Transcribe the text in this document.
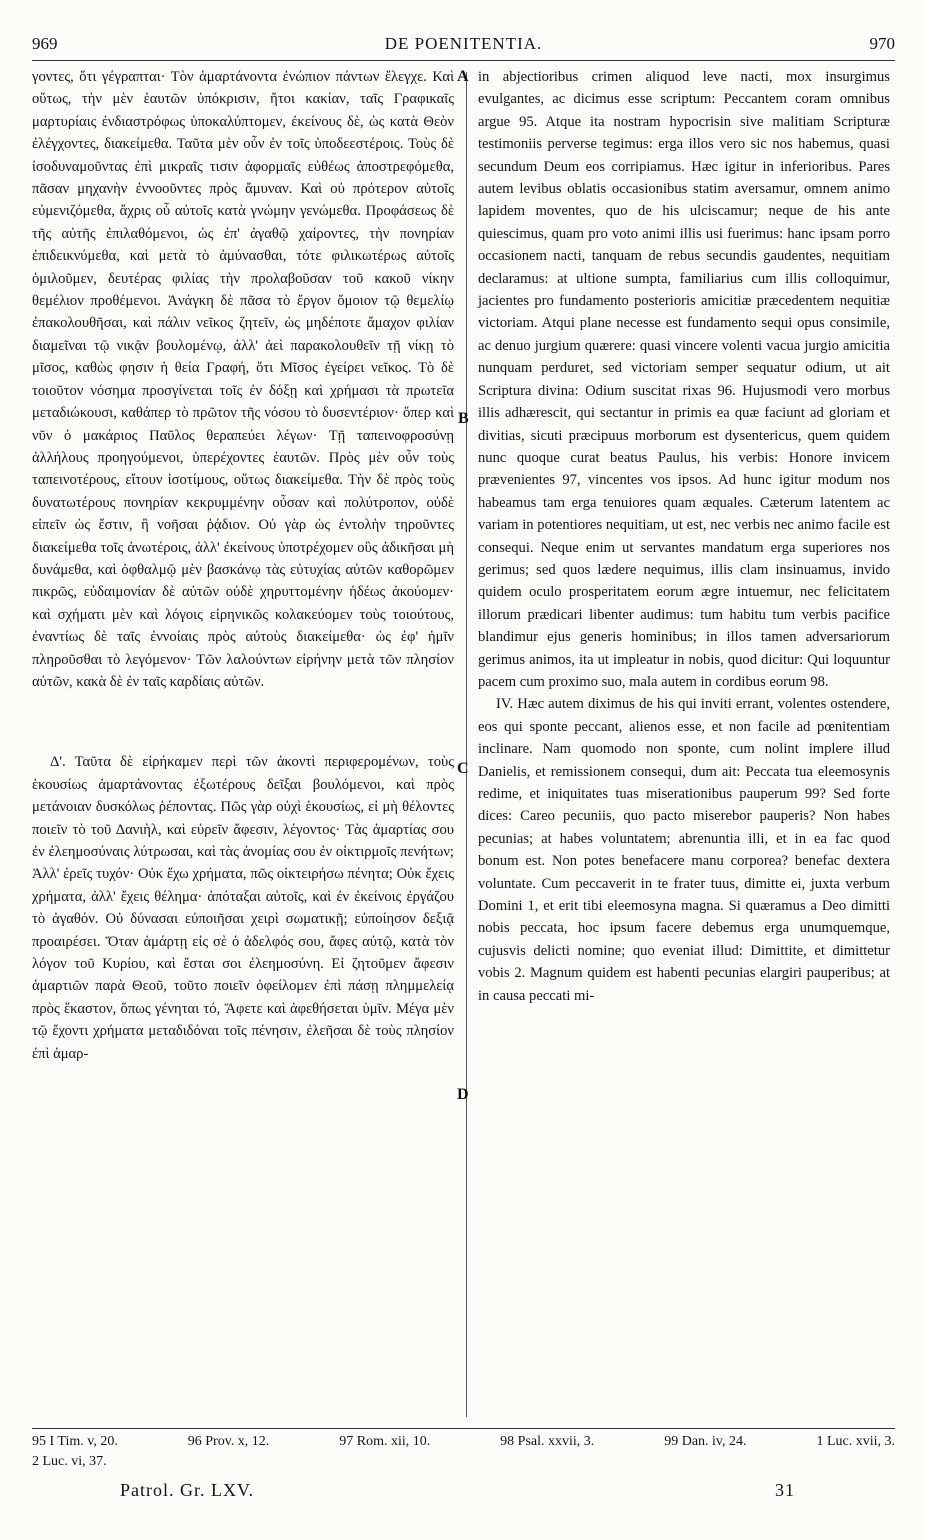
969	DE POENITENTIA.	970
A
B
C
D

γοντες, ὅτι γέγραπται· Τὸν ἁμαρτάνοντα ἐνώπιον πάντων ἔλεγχε. Καὶ οὕτως, τὴν μὲν ἑαυτῶν ὑπόκρισιν, ἤτοι κακίαν, ταῖς Γραφικαῖς μαρτυρίαις ἐνδιαστρόφως ὑποκαλύπτομεν, ἐκείνους δὲ, ὡς κατὰ Θεὸν ἐλέγχοντες, διακείμεθα. Ταῦτα μὲν οὖν ἐν τοῖς ὑποδεεστέροις. Τοὺς δὲ ἰσοδυναμοῦντας ἐπὶ μικραῖς τισιν ἀφορμαῖς εὐθέως ἀποστρεφόμεθα, πᾶσαν μηχανὴν ἐννοοῦντες πρὸς ἄμυναν. Καὶ οὐ πρότερον αὐτοῖς εὐμενιζόμεθα, ἄχρις οὗ αὐτοῖς κατὰ γνώμην γενώμεθα. Προφάσεως δὲ τῆς αὐτῆς ἐπιλαθόμενοι, ὡς ἐπ' ἀγαθῷ χαίροντες, τὴν πονηρίαν ἐπιδεικνύμεθα, καὶ μετὰ τὸ ἀμύνασθαι, τότε φιλικωτέρως αὐτοῖς ὁμιλοῦμεν, δευτέρας φιλίας τὴν προλαβοῦσαν τοῦ κακοῦ νίκην θεμέλιον προθέμενοι. Ἀνάγκη δὲ πᾶσα τὸ ἔργον ὅμοιον τῷ θεμελίῳ ἐπακολουθῆσαι, καὶ πάλιν νεῖκος ζητεῖν, ὡς μηδέποτε ἄμαχον φιλίαν διαμεῖναι τῷ νικᾷν βουλομένῳ, ἀλλ' ἀεὶ παρακολουθεῖν τῇ νίκῃ τὸ μῖσος, καθὼς φησιν ἡ θεία Γραφή, ὅτι Μῖσος ἐγείρει νεῖκος. Τὸ δὲ τοιοῦτον νόσημα προσγίνεται τοῖς ἐν δόξῃ καὶ χρήμασι τὰ πρωτεῖα μεταδιώκουσι, καθάπερ τὸ πρῶτον τῆς νόσου τὸ δυσεντέριον· ὅπερ καὶ νῦν ὁ μακάριος Παῦλος θεραπεύει λέγων· Τῇ ταπεινοφροσύνῃ ἀλλήλους προηγούμενοι, ὑπερέχοντες ἑαυτῶν. Πρὸς μὲν οὖν τοὺς ταπεινοτέρους, εἴτουν ἰσοτίμους, οὕτως διακείμεθα. Τὴν δὲ πρὸς τοὺς δυνατωτέρους πονηρίαν κεκρυμμένην οὖσαν καὶ πολύτροπον, οὐδὲ εἰπεῖν ὡς ἔστιν, ἢ νοῆσαι ῥᾴδιον. Οὐ γὰρ ὡς ἐντολὴν τηροῦντες διακείμεθα τοῖς ἀνωτέροις, ἀλλ' ἐκείνους ὑποτρέχομεν οὓς ἀδικῆσαι μὴ δυνάμεθα, καὶ ὀφθαλμῷ μὲν βασκάνῳ τὰς εὐτυχίας αὐτῶν καθορῶμεν πικρῶς, εὐδαιμονίαν δὲ αὐτῶν οὐδὲ χηρυττομένην ἡδέως ἀκούομεν· καὶ σχήματι μὲν καὶ λόγοις εἰρηνικῶς κολακεύομεν τοὺς τοιούτους, ἐναντίως δὲ ταῖς ἐννοίαις πρὸς αὐτοὺς διακείμεθα· ὡς ἐφ' ἡμῖν πληροῦσθαι τὸ λεγόμενον· Τῶν λαλούντων εἰρήνην μετὰ τῶν πλησίον αὐτῶν, κακὰ δὲ ἐν ταῖς καρδίαις αὐτῶν.

Δ'. Ταῦτα δὲ εἰρήκαμεν περὶ τῶν ἀκοντὶ περιφερομένων, τοὺς ἑκουσίως ἁμαρτάνοντας ἐξωτέρους δεῖξαι βουλόμενοι, καὶ πρὸς μετάνοιαν δυσκόλως ῥέποντας. Πῶς γὰρ οὐχὶ ἑκουσίως, εἰ μὴ θέλοντες ποιεῖν τὸ τοῦ Δανιὴλ, καὶ εὑρεῖν ἄφεσιν, λέγοντος· Τὰς ἁμαρτίας σου ἐν ἐλεημοσύναις λύτρωσαι, καὶ τὰς ἀνομίας σου ἐν οἰκτιρμοῖς πενήτων; Ἀλλ' ἐρεῖς τυχόν· Οὐκ ἔχω χρήματα, πῶς οἰκτειρήσω πένητα; Οὐκ ἔχεις χρήματα, ἀλλ' ἔχεις θέλημα· ἀπόταξαι αὐτοῖς, καὶ ἐν ἐκείνοις ἐργάζου τὸ ἀγαθόν. Οὐ δύνασαι εὐποιῆσαι χειρὶ σωματικῇ; εὐποίησον δεξιᾷ προαιρέσει. Ὅταν ἁμάρτῃ εἰς σὲ ὁ ἀδελφός σου, ἄφες αὐτῷ, κατὰ τὸν λόγον τοῦ Κυρίου, καὶ ἔσται σοι ἐλεημοσύνη. Εἰ ζητοῦμεν ἄφεσιν ἁμαρτιῶν παρὰ Θεοῦ, τοῦτο ποιεῖν ὀφείλομεν ἐπὶ πάσῃ πλημμελείᾳ πρὸς ἕκαστον, ὅπως γένηται τό, Ἄφετε καὶ ἀφεθήσεται ὑμῖν. Μέγα μὲν τῷ ἔχοντι χρήματα μεταδιδόναι τοῖς πένησιν, ἐλεῆσαι δὲ τοὺς πλησίον ἐπὶ ἁμαρ-

in abjectioribus crimen aliquod leve nacti, mox insurgimus evulgantes, ac dicimus esse scriptum: Peccantem coram omnibus argue 95. Atque ita nostram hypocrisin sive malitiam Scripturæ testimoniis perverse tegimus: erga illos vero sic nos habemus, quasi secundum Deum eos corripiamus. Hæc igitur in inferioribus. Pares autem levibus oblatis occasionibus statim aversamur, omnem animo lapidem moventes, quo de his ulciscamur; neque de his ante quiescimus, quam pro voto animi illis usi fuerimus: hanc ipsam porro occasionem nacti, tanquam de rebus secundis gaudentes, nequitiam declaramus: at ultione sumpta, familiarius cum illis colloquimur, jacientes pro fundamento posterioris amicitiæ præcedentem nequitiæ victoriam. Atqui plane necesse est fundamento sequi opus consimile, ac denuo jurgium quærere: quasi vincere volenti vacua jurgio amicitia nunquam perduret, sed victoriam semper sequatur odium, ut ait Scriptura divina: Odium suscitat rixas 96. Hujusmodi vero morbus illis adhærescit, qui sectantur in primis ea quæ faciunt ad gloriam et divitias, sicuti præcipuus morborum est dysentericus, quem quidem nunc quoque curat beatus Paulus, his verbis: Honore invicem prævenientes 97, vincentes vos ipsos. Ad hunc igitur modum nos habeamus tam erga tenuiores quam æquales. Cæterum latentem ac variam in potentiores nequitiam, ut est, nec verbis nec animo facile est consequi. Neque enim ut servantes mandatum erga superiores nos gerimus; sed quos lædere nequimus, illis clam insinuamus, invido quidem oculo prosperitatem eorum ægre intuemur, nec felicitatem illorum prædicari libenter audimus: tum habitu tum verbis pacifice blandimur ejus generis hominibus; in illos tamen adversariorum gerimus animos, ita ut impleatur in nobis, quod dicitur: Qui loquuntur pacem cum proximo suo, mala autem in cordibus eorum 98.

IV. Hæc autem diximus de his qui inviti errant, volentes ostendere, eos qui sponte peccant, alienos esse, et non facile ad pœnitentiam inclinare. Nam quomodo non sponte, cum nolint implere illud Danielis, et remissionem consequi, dum ait: Peccata tua eleemosynis redime, et iniquitates tuas miserationibus pauperum 99? Sed forte dices: Careo pecuniis, quo pacto miserebor pauperis? Non habes pecunias; at habes voluntatem; abrenuntia illi, et in ea fac quod bonum est. Non potes benefacere manu corporea? benefac dextera voluntate. Cum peccaverit in te frater tuus, dimitte ei, juxta verbum Domini 1, et erit tibi eleemosyna magna. Si quæramus a Deo dimitti nobis peccata, hoc ipsum facere debemus erga unumquemque, cujusvis delicti nomine; quo eveniat illud: Dimittite, et dimittetur vobis 2. Magnum quidem est habenti pecunias elargiri pauperibus; at in causa peccati mi-

95 I Tim. v, 20.	96 Prov. x, 12.	97 Rom. xii, 10.	98 Psal. xxvii, 3.	99 Dan. iv, 24.	1 Luc. xvii, 3.
2 Luc. vi, 37.
Patrol. Gr. LXV.	31
